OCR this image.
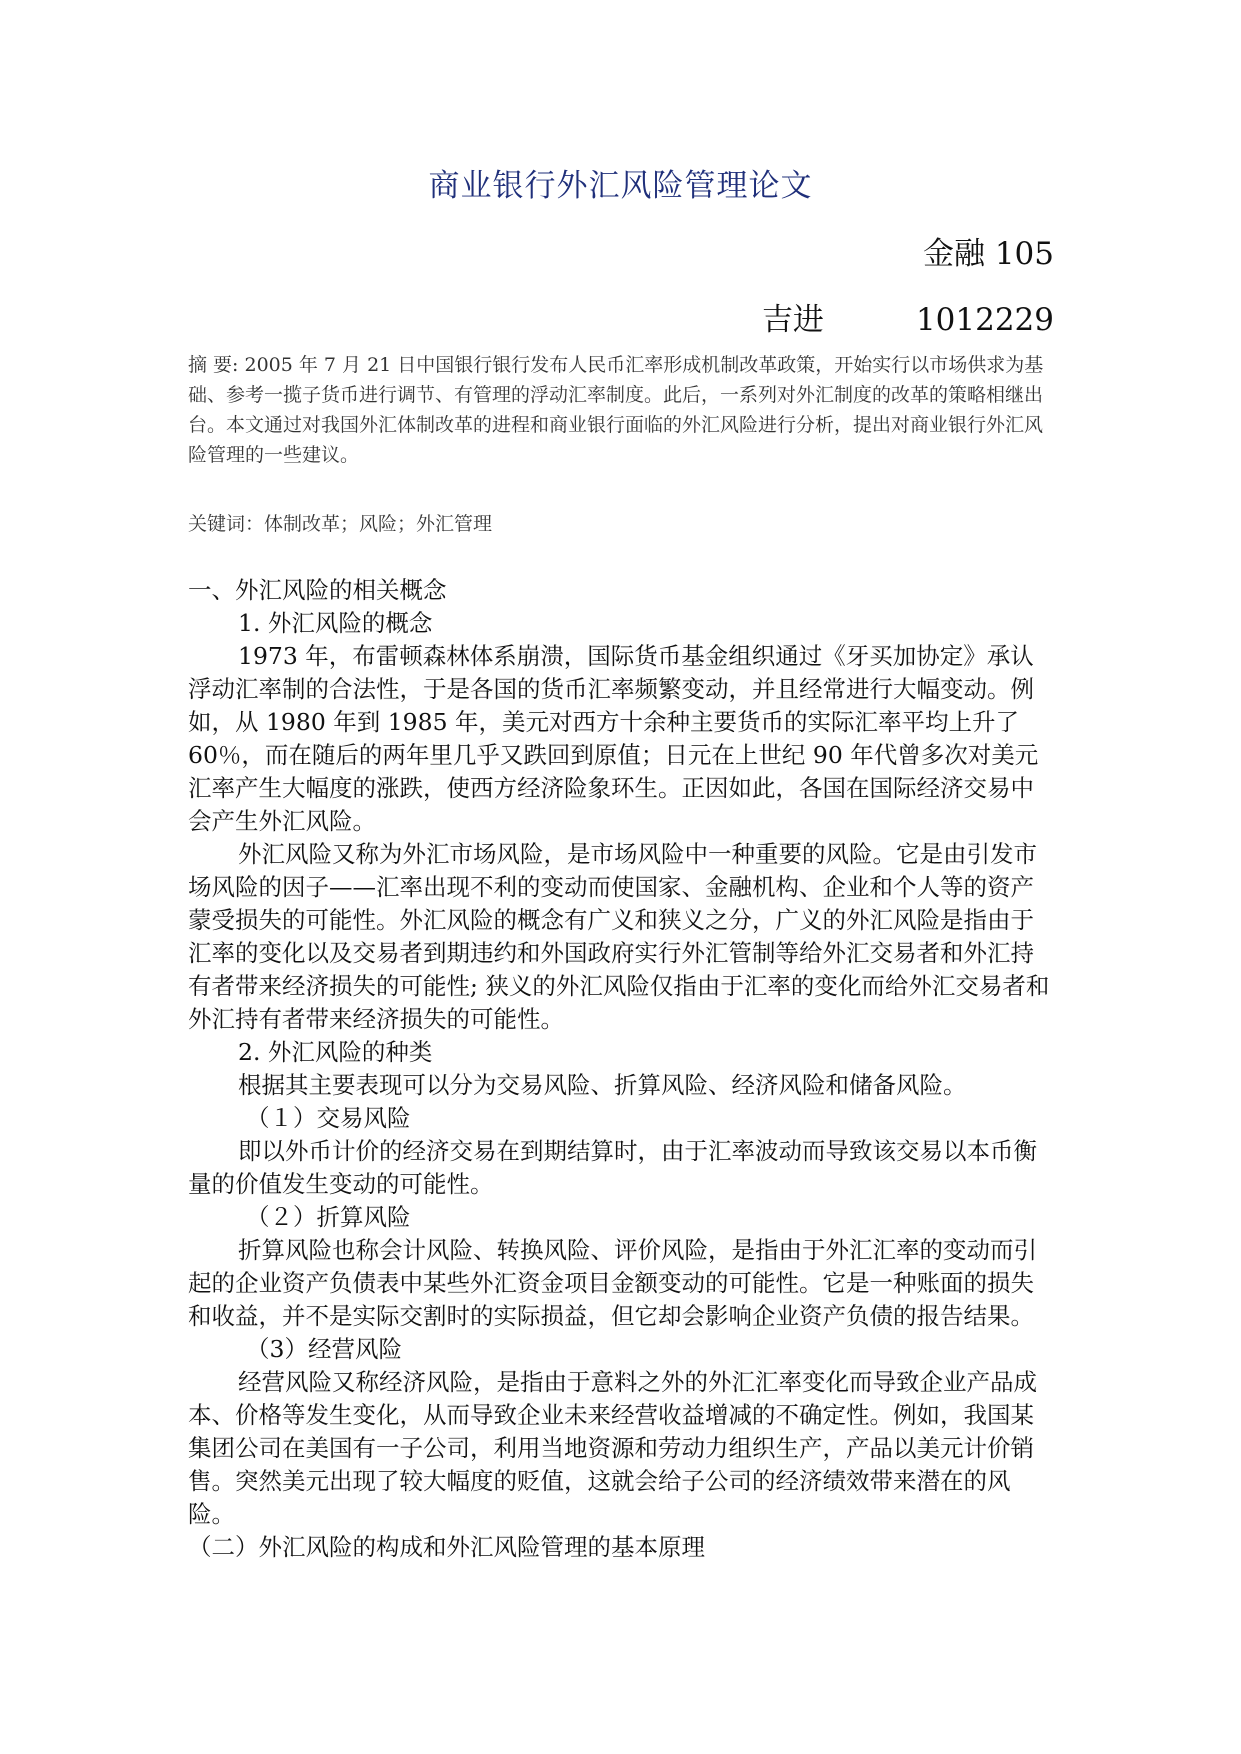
商业银行外汇风险管理论文
金融 105
吉进	1012229
摘 要: 2005 年 7 月 21 日中国银行银行发布人民币汇率形成机制改革政策，开始实行以市场供求为基础、参考一揽子货币进行调节、有管理的浮动汇率制度。此后，一系列对外汇制度的改革的策略相继出台。本文通过对我国外汇体制改革的进程和商业银行面临的外汇风险进行分析，提出对商业银行外汇风险管理的一些建议。
关键词：体制改革；风险；外汇管理

一、外汇风险的相关概念

1. 外汇风险的概念

1973 年，布雷顿森林体系崩溃，国际货币基金组织通过《牙买加协定》承认浮动汇率制的合法性，于是各国的货币汇率频繁变动，并且经常进行大幅变动。例如，从 1980 年到 1985 年，美元对西方十余种主要货币的实际汇率平均上升了 60％，而在随后的两年里几乎又跌回到原值；日元在上世纪 90 年代曾多次对美元汇率产生大幅度的涨跌，使西方经济险象环生。正因如此，各国在国际经济交易中会产生外汇风险。

外汇风险又称为外汇市场风险，是市场风险中一种重要的风险。它是由引发市场风险的因子——汇率出现不利的变动而使国家、金融机构、企业和个人等的资产蒙受损失的可能性。外汇风险的概念有广义和狭义之分，广义的外汇风险是指由于汇率的变化以及交易者到期违约和外国政府实行外汇管制等给外汇交易者和外汇持有者带来经济损失的可能性; 狭义的外汇风险仅指由于汇率的变化而给外汇交易者和外汇持有者带来经济损失的可能性。

2. 外汇风险的种类

根据其主要表现可以分为交易风险、折算风险、经济风险和储备风险。

（１）交易风险

即以外币计价的经济交易在到期结算时，由于汇率波动而导致该交易以本币衡量的价值发生变动的可能性。

（２）折算风险

折算风险也称会计风险、转换风险、评价风险，是指由于外汇汇率的变动而引起的企业资产负债表中某些外汇资金项目金额变动的可能性。它是一种账面的损失和收益，并不是实际交割时的实际损益，但它却会影响企业资产负债的报告结果。

（3）经营风险

经营风险又称经济风险，是指由于意料之外的外汇汇率变化而导致企业产品成本、价格等发生变化，从而导致企业未来经营收益增减的不确定性。例如，我国某集团公司在美国有一子公司，利用当地资源和劳动力组织生产，产品以美元计价销售。突然美元出现了较大幅度的贬值，这就会给子公司的经济绩效带来潜在的风险。

（二）外汇风险的构成和外汇风险管理的基本原理
